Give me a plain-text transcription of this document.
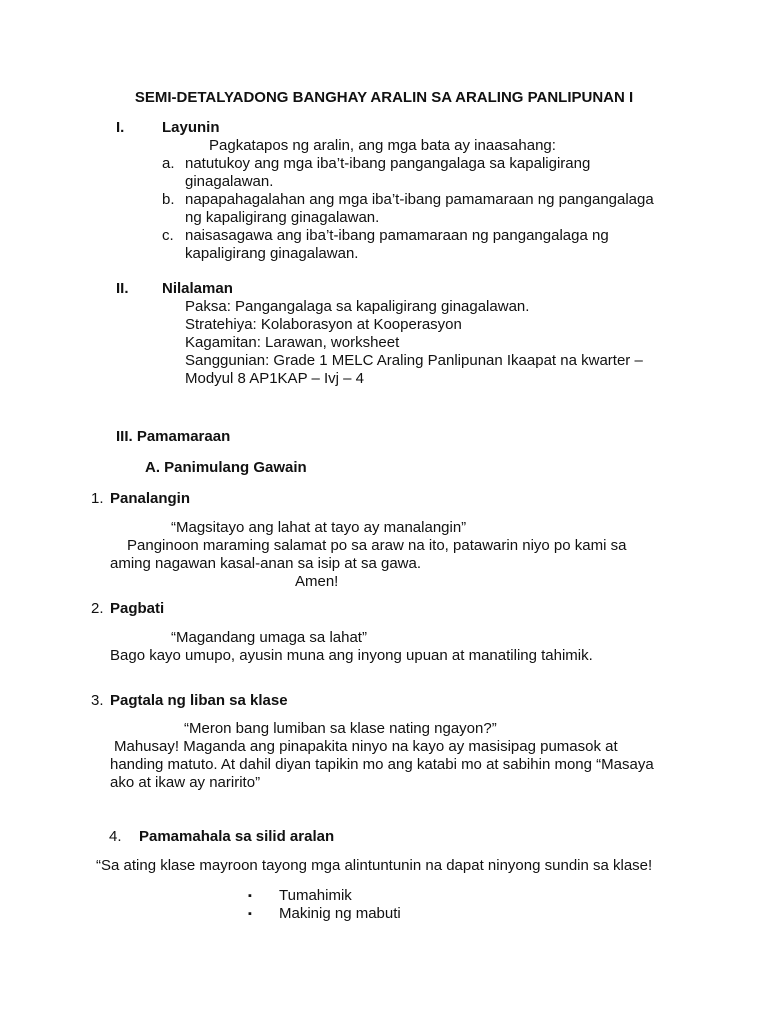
SEMI-DETALYADONG BANGHAY ARALIN SA ARALING PANLIPUNAN I
I.	Layunin
Pagkatapos ng aralin, ang mga bata ay inaasahang:
a. natutukoy ang mga iba’t-ibang pangangalaga sa kapaligirang
ginagalawan.
b. napapahagalahan ang mga iba’t-ibang pamamaraan ng pangangalaga
ng kapaligirang ginagalawan.
c. naisasagawa ang iba’t-ibang pamamaraan ng pangangalaga ng
kapaligirang ginagalawan.
II. Nilalaman
Paksa: Pangangalaga sa kapaligirang ginagalawan.
Stratehiya: Kolaborasyon at Kooperasyon
Kagamitan: Larawan, worksheet
Sanggunian: Grade 1 MELC Araling Panlipunan Ikaapat na kwarter –
Modyul 8 AP1KAP – Ivj – 4
III. Pamamaraan
A. Panimulang Gawain
1. Panalangin
“Magsitayo ang lahat at tayo ay manalangin”
Panginoon maraming salamat po sa araw na ito, patawarin niyo po kami sa
aming nagawan kasal-anan sa isip at sa gawa.
Amen!
2. Pagbati
“Magandang umaga sa lahat”
Bago kayo umupo, ayusin muna ang inyong upuan at manatiling tahimik.
3. Pagtala ng liban sa klase
“Meron bang lumiban sa klase nating ngayon?”
Mahusay! Maganda ang pinapakita ninyo na kayo ay masisipag pumasok at
handing matuto. At dahil diyan tapikin mo ang katabi mo at sabihin mong “Masaya
ako at ikaw ay naririto”
4. Pamamahala sa silid aralan
“Sa ating klase mayroon tayong mga alintuntunin na dapat ninyong sundin sa klase!
▪ Tumahimik
▪ Makinig ng mabuti
